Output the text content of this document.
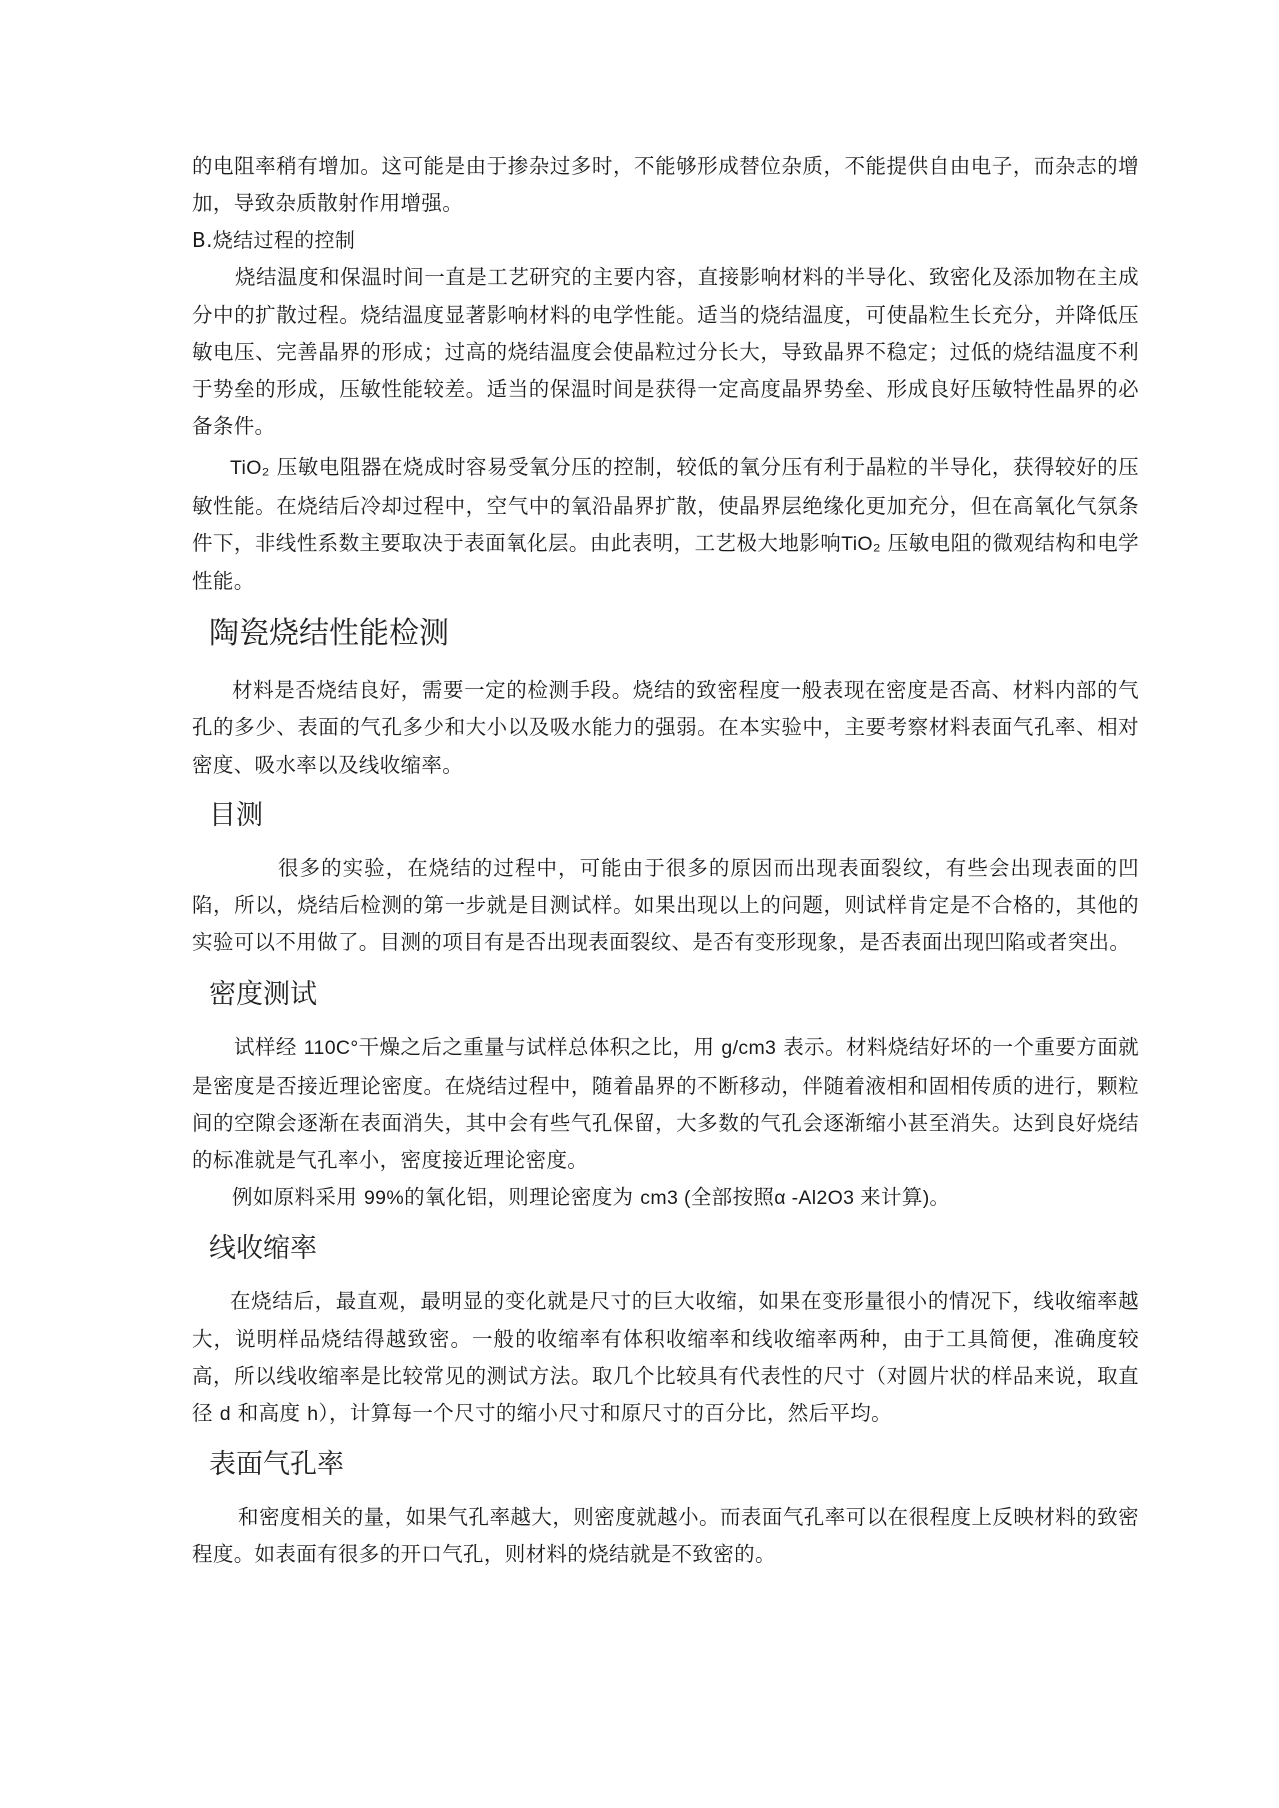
的电阻率稍有增加。这可能是由于掺杂过多时，不能够形成替位杂质，不能提供自由电子，而杂志的增加，导致杂质散射作用增强。

B.烧结过程的控制

烧结温度和保温时间一直是工艺研究的主要内容，直接影响材料的半导化、致密化及添加物在主成分中的扩散过程。烧结温度显著影响材料的电学性能。适当的烧结温度，可使晶粒生长充分，并降低压敏电压、完善晶界的形成；过高的烧结温度会使晶粒过分长大，导致晶界不稳定；过低的烧结温度不利于势垒的形成，压敏性能较差。适当的保温时间是获得一定高度晶界势垒、形成良好压敏特性晶界的必备条件。

TiO₂ 压敏电阻器在烧成时容易受氧分压的控制，较低的氧分压有利于晶粒的半导化，获得较好的压敏性能。在烧结后冷却过程中，空气中的氧沿晶界扩散，使晶界层绝缘化更加充分，但在高氧化气氛条件下，非线性系数主要取决于表面氧化层。由此表明，工艺极大地影响TiO₂ 压敏电阻的微观结构和电学性能。

陶瓷烧结性能检测

材料是否烧结良好，需要一定的检测手段。烧结的致密程度一般表现在密度是否高、材料内部的气孔的多少、表面的气孔多少和大小以及吸水能力的强弱。在本实验中，主要考察材料表面气孔率、相对密度、吸水率以及线收缩率。

目测

很多的实验，在烧结的过程中，可能由于很多的原因而出现表面裂纹，有些会出现表面的凹陷，所以，烧结后检测的第一步就是目测试样。如果出现以上的问题，则试样肯定是不合格的，其他的实验可以不用做了。目测的项目有是否出现表面裂纹、是否有变形现象，是否表面出现凹陷或者突出。

密度测试

试样经 110C°干燥之后之重量与试样总体积之比，用 g/cm3 表示。材料烧结好坏的一个重要方面就是密度是否接近理论密度。在烧结过程中，随着晶界的不断移动，伴随着液相和固相传质的进行，颗粒间的空隙会逐渐在表面消失，其中会有些气孔保留，大多数的气孔会逐渐缩小甚至消失。达到良好烧结的标准就是气孔率小，密度接近理论密度。

例如原料采用 99%的氧化铝，则理论密度为 cm3 (全部按照α -Al2O3 来计算)。

线收缩率

在烧结后，最直观，最明显的变化就是尺寸的巨大收缩，如果在变形量很小的情况下，线收缩率越大，说明样品烧结得越致密。一般的收缩率有体积收缩率和线收缩率两种，由于工具简便，准确度较高，所以线收缩率是比较常见的测试方法。取几个比较具有代表性的尺寸（对圆片状的样品来说，取直径 d 和高度 h），计算每一个尺寸的缩小尺寸和原尺寸的百分比，然后平均。

表面气孔率

和密度相关的量，如果气孔率越大，则密度就越小。而表面气孔率可以在很程度上反映材料的致密程度。如表面有很多的开口气孔，则材料的烧结就是不致密的。
